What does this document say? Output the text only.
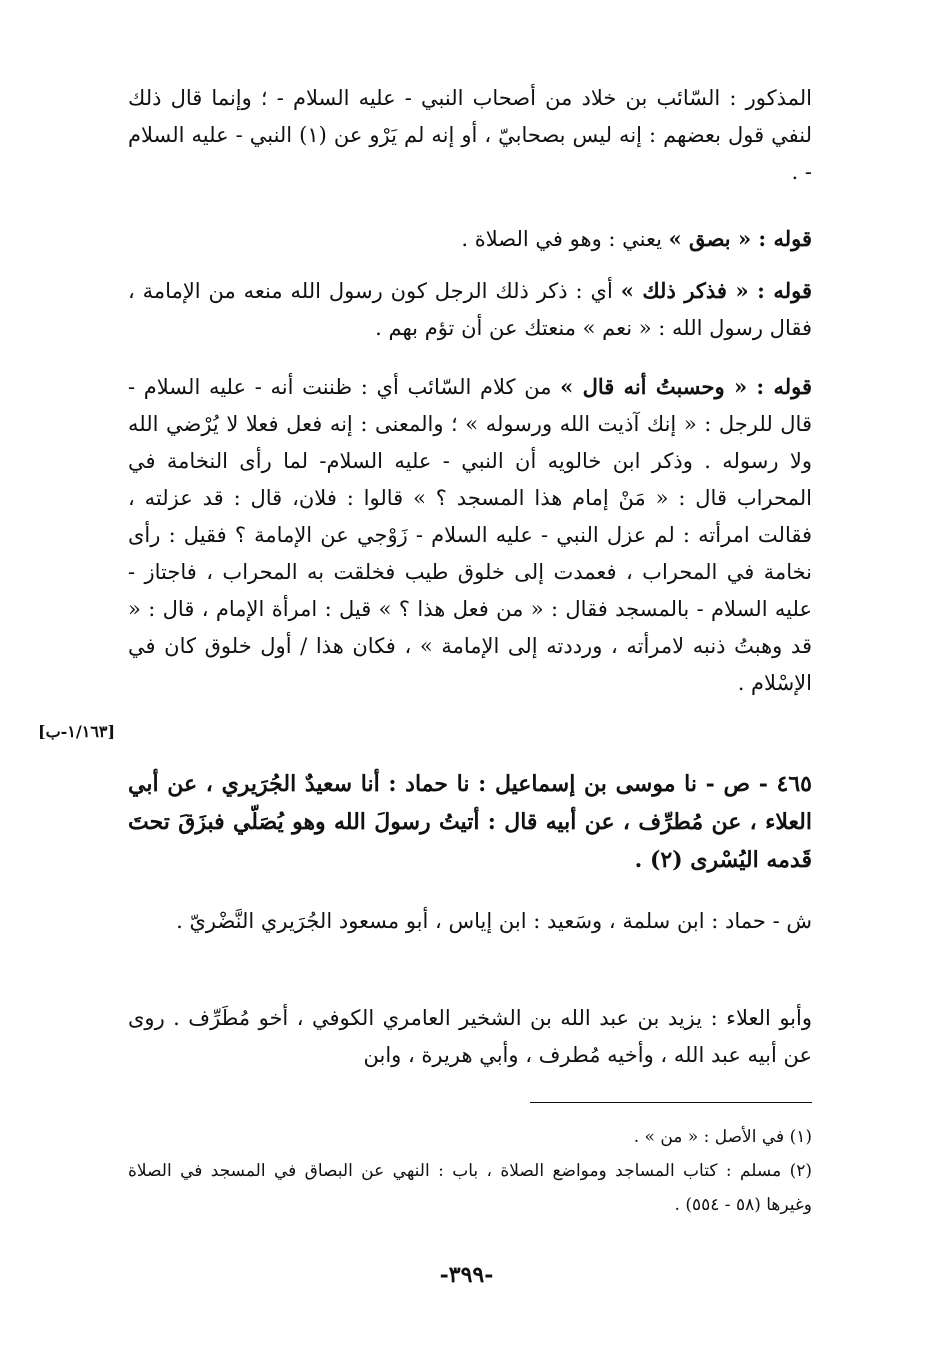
المذكور : السّائب بن خلاد من أصحاب النبي - عليه السلام - ؛ وإنما قال ذلك لنفي قول بعضهم : إنه ليس بصحابيّ ، أو إنه لم يَرْو عن (١) النبي - عليه السلام - .

قوله : « بصق » يعني : وهو في الصلاة .

قوله : « فذكر ذلك » أي : ذكر ذلك الرجل كون رسول الله منعه من الإمامة ، فقال رسول الله : « نعم » منعتك عن أن تؤم بهم .

قوله : « وحسبتُ أنه قال » من كلام السّائب أي : ظننت أنه - عليه السلام - قال للرجل : « إنك آذيت الله ورسوله » ؛ والمعنى : إنه فعل فعلا لا يُرْضي الله ولا رسوله . وذكر ابن خالويه أن النبي - عليه السلام- لما رأى النخامة في المحراب قال : « مَنْ إمام هذا المسجد ؟ » قالوا : فلان، قال : قد عزلته ، فقالت امرأته : لم عزل النبي - عليه السلام - زَوْجي عن الإمامة ؟ فقيل : رأى نخامة في المحراب ، فعمدت إلى خلوق طيب فخلقت به المحراب ، فاجتاز - عليه السلام - بالمسجد فقال : « من فعل هذا ؟ » قيل : امرأة الإمام ، قال : « قد وهبتُ ذنبه لامرأته ، ورددته إلى الإمامة » ، فكان هذا / أول خلوق كان في الإسْلام .

[١/١٦٣-ب]

٤٦٥ - ص - نا موسى بن إسماعيل : نا حماد : أنا سعيدٌ الجُرَيري ، عن أبي العلاء ، عن مُطرِّف ، عن أبيه قال : أتيتُ رسولَ الله وهو يُصَلّي فبزَقَ تحتَ قَدمه اليُسْرى (٢) .

ش - حماد : ابن سلمة ، وسَعيد : ابن إياس ، أبو مسعود الجُرَيري النَّضْريّ .

وأبو العلاء : يزيد بن عبد الله بن الشخير العامري الكوفي ، أخو مُطَرِّف . روى عن أبيه عبد الله ، وأخيه مُطرف ، وأبي هريرة ، وابن

(١) في الأصل : « من » .

(٢) مسلم : كتاب المساجد ومواضع الصلاة ، باب : النهي عن البصاق في المسجد في الصلاة وغيرها (٥٨ - ٥٥٤) .

-٣٩٩-
